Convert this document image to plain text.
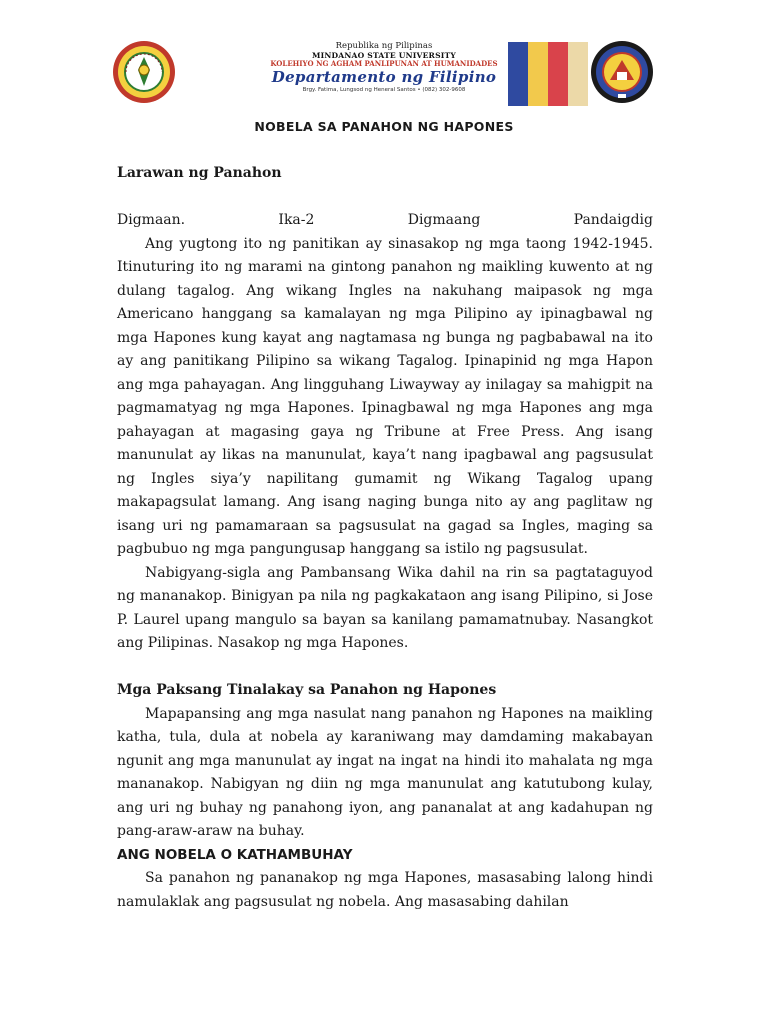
Republika ng Pilipinas
MINDANAO STATE UNIVERSITY
KOLEHIYO NG AGHAM PANLIPUNAN AT HUMANIDADES
Departamento ng Filipino
Brgy. Fatima, Lungsod ng Heneral Santos • (082) 302-9608
NOBELA SA PANAHON NG HAPONES

Larawan ng Panahon

Digmaan.	Ika-2	Digmaang	Pandaigdig

Ang yugtong ito ng panitikan ay sinasakop ng mga taong 1942-1945. Itinuturing ito ng marami na gintong panahon ng maikling kuwento at ng dulang tagalog. Ang wikang Ingles na nakuhang maipasok ng mga Americano hanggang sa kamalayan ng mga Pilipino ay ipinagbawal ng mga Hapones kung kayat ang nagtamasa ng bunga ng pagbabawal na ito ay ang panitikang Pilipino sa wikang Tagalog. Ipinapinid ng mga Hapon ang mga pahayagan. Ang lingguhang Liwayway ay inilagay sa mahigpit na pagmamatyag ng mga Hapones. Ipinagbawal ng mga Hapones ang mga pahayagan at magasing gaya ng Tribune at Free Press. Ang isang manunulat ay likas na manunulat, kaya’t nang ipagbawal ang pagsusulat ng Ingles siya’y napilitang gumamit ng Wikang Tagalog upang makapagsulat lamang. Ang isang naging bunga nito ay ang paglitaw ng isang uri ng pamamaraan sa pagsusulat na gagad sa Ingles, maging sa pagbubuo ng mga pangungusap hanggang sa istilo ng pagsusulat.

Nabigyang-sigla ang Pambansang Wika dahil na rin sa pagtataguyod ng mananakop. Binigyan pa nila ng pagkakataon ang isang Pilipino, si Jose P. Laurel upang mangulo sa bayan sa kanilang pamamatnubay. Nasangkot ang Pilipinas. Nasakop ng mga Hapones.

Mga Paksang Tinalakay sa Panahon ng Hapones

Mapapansing ang mga nasulat nang panahon ng Hapones na maikling katha, tula, dula at nobela ay karaniwang may damdaming makabayan ngunit ang mga manunulat ay ingat na ingat na hindi ito mahalata ng mga mananakop. Nabigyan ng diin ng mga manunulat ang katutubong kulay, ang uri ng buhay ng panahong iyon, ang pananalat at ang kadahupan ng pang-araw-araw na buhay.

ANG NOBELA O KATHAMBUHAY

Sa panahon ng pananakop ng mga Hapones, masasabing lalong hindi namulaklak ang pagsusulat ng nobela. Ang masasabing dahilan
